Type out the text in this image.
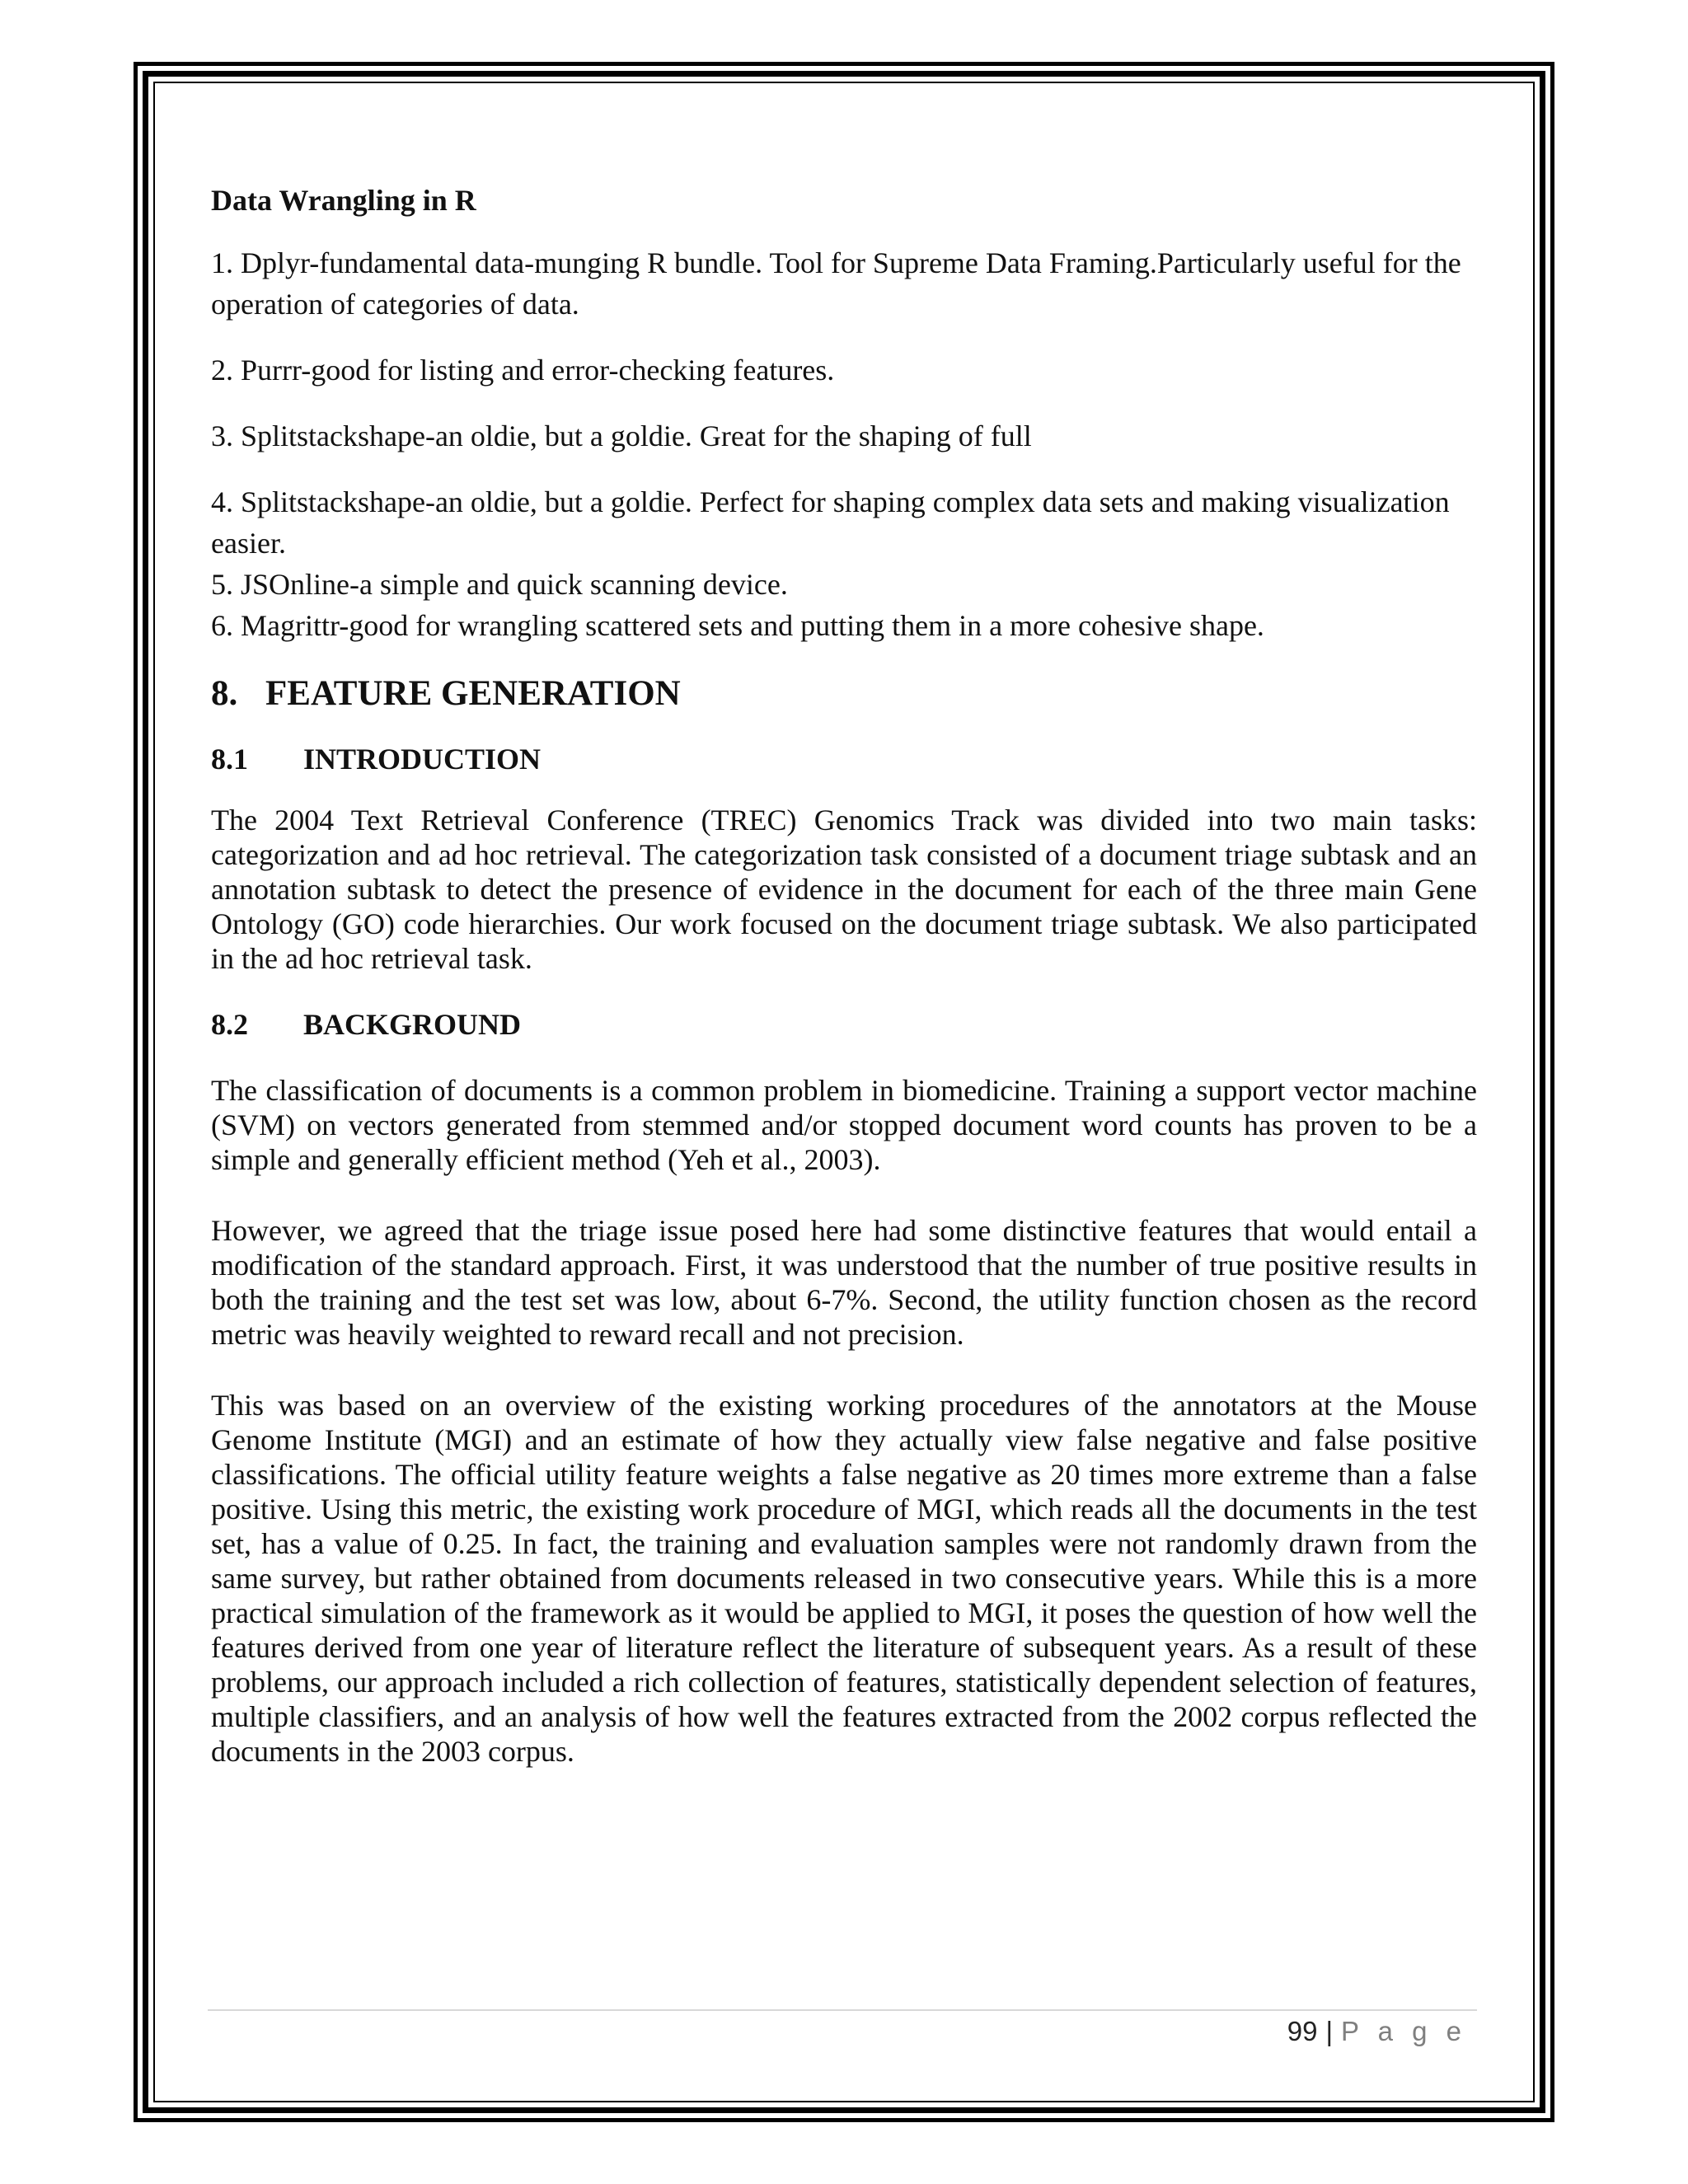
Data Wrangling in R

1. Dplyr-fundamental data-munging R bundle. Tool for Supreme Data Framing.Particularly useful for the operation of categories of data.

2. Purrr-good for listing and error-checking features.

3. Splitstackshape-an oldie, but a goldie. Great for the shaping of full

4. Splitstackshape-an oldie, but a goldie. Perfect for shaping complex data sets and making visualization easier.

5. JSOnline-a simple and quick scanning device.

6. Magrittr-good for wrangling scattered sets and putting them in a more cohesive shape.

8. FEATURE GENERATION

8.1 INTRODUCTION

The 2004 Text Retrieval Conference (TREC) Genomics Track was divided into two main tasks: categorization and ad hoc retrieval. The categorization task consisted of a document triage subtask and an annotation subtask to detect the presence of evidence in the document for each of the three main Gene Ontology (GO) code hierarchies. Our work focused on the document triage subtask. We also participated in the ad hoc retrieval task.

8.2 BACKGROUND

The classification of documents is a common problem in biomedicine. Training a support vector machine (SVM) on vectors generated from stemmed and/or stopped document word counts has proven to be a simple and generally efficient method (Yeh et al., 2003).

However, we agreed that the triage issue posed here had some distinctive features that would entail a modification of the standard approach. First, it was understood that the number of true positive results in both the training and the test set was low, about 6-7%. Second, the utility function chosen as the record metric was heavily weighted to reward recall and not precision.

This was based on an overview of the existing working procedures of the annotators at the Mouse Genome Institute (MGI) and an estimate of how they actually view false negative and false positive classifications. The official utility feature weights a false negative as 20 times more extreme than a false positive. Using this metric, the existing work procedure of MGI, which reads all the documents in the test set, has a value of 0.25. In fact, the training and evaluation samples were not randomly drawn from the same survey, but rather obtained from documents released in two consecutive years. While this is a more practical simulation of the framework as it would be applied to MGI, it poses the question of how well the features derived from one year of literature reflect the literature of subsequent years. As a result of these problems, our approach included a rich collection of features, statistically dependent selection of features, multiple classifiers, and an analysis of how well the features extracted from the 2002 corpus reflected the documents in the 2003 corpus.

99 | P a g e
